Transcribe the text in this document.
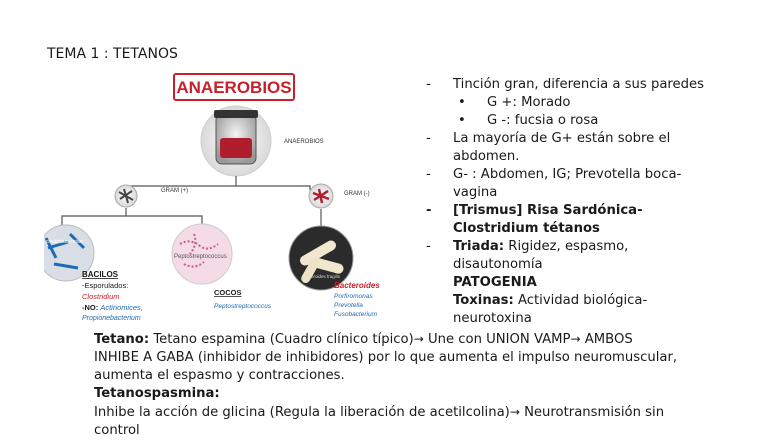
TEMA 1 : TETANOS
ANAEROBIOS
ANAEROBIOS
GRAM (+)	GRAM (-)
clostridium tetani
Peptostreptococcus
Bacteroides fragilis
BACILOS
-Esporulados:
Clostridium
-NO: Actinomices,
Propionebacterium
COCOS
Peptostreptococcus
Bacteroides
Porfiromonas
Prevotella
Fusobacterium
- Tinción gran, diferencia a sus paredes
• G +: Morado
• G -: fucsia o rosa
- La mayoría de G+ están sobre el
abdomen.
- G- : Abdomen, IG; Prevotella boca-
vagina
- [Trismus] Risa Sardónica-
Clostridium tétanos
- Triada: Rigidez, espasmo,
disautonomía
PATOGENIA
Toxinas: Actividad biológica-
neurotoxina
Tetano: Tetano espamina (Cuadro clínico típico)→ Une con UNION VAMP→ AMBOS
INHIBE A GABA (inhibidor de inhibidores) por lo que aumenta el impulso neuromuscular,
aumenta el espasmo y contracciones.
Tetanospasmina:
Inhibe la acción de glicina (Regula la liberación de acetilcolina)→ Neurotransmisión sin
control
